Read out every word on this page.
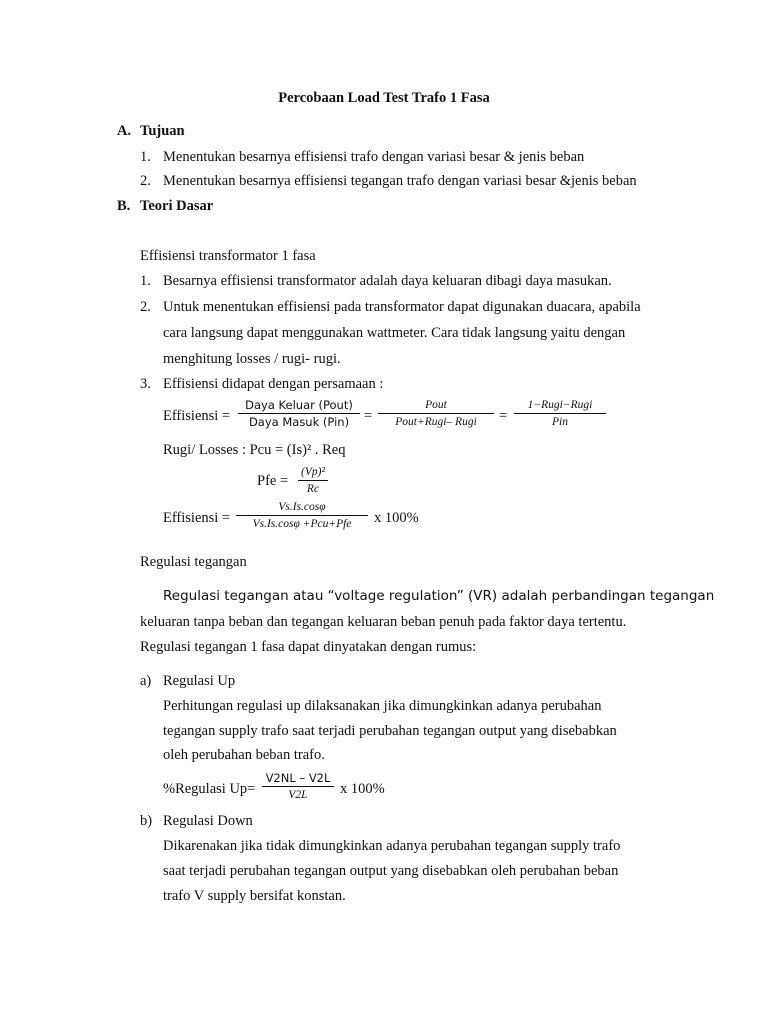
Percobaan Load Test Trafo 1 Fasa
A. Tujuan
1. Menentukan besarnya effisiensi trafo dengan variasi besar & jenis beban
2. Menentukan besarnya effisiensi tegangan trafo dengan variasi besar &jenis beban
B. Teori Dasar
Effisiensi transformator 1 fasa
1. Besarnya effisiensi transformator adalah daya keluaran dibagi daya masukan.
2. Untuk menentukan effisiensi pada transformator dapat digunakan duacara, apabila
cara langsung dapat menggunakan wattmeter. Cara tidak langsung yaitu dengan
menghitung losses / rugi- rugi.
3. Effisiensi didapat dengan persamaan :
Effisiensi =
Daya Keluar (Pout)
Daya Masuk (Pin) =
Pout
Pout+Rugi– Rugi =
1−Rugi−Rugi
Pin
Rugi/ Losses : Pcu = (Is)² . Req
Pfe =
(Vp)²
Rc
Effisiensi =
Vs.Is.cosφ
Vs.Is.cosφ +Pcu+Pfe x 100%
Regulasi tegangan
Regulasi tegangan atau “voltage regulation” (VR) adalah perbandingan tegangan
keluaran tanpa beban dan tegangan keluaran beban penuh pada faktor daya tertentu.
Regulasi tegangan 1 fasa dapat dinyatakan dengan rumus:
a) Regulasi Up
Perhitungan regulasi up dilaksanakan jika dimungkinkan adanya perubahan
tegangan supply trafo saat terjadi perubahan tegangan output yang disebabkan
oleh perubahan beban trafo.
%Regulasi Up=
V2NL – V2L
V2L x 100%
b) Regulasi Down
Dikarenakan jika tidak dimungkinkan adanya perubahan tegangan supply trafo
saat terjadi perubahan tegangan output yang disebabkan oleh perubahan beban
trafo V supply bersifat konstan.
